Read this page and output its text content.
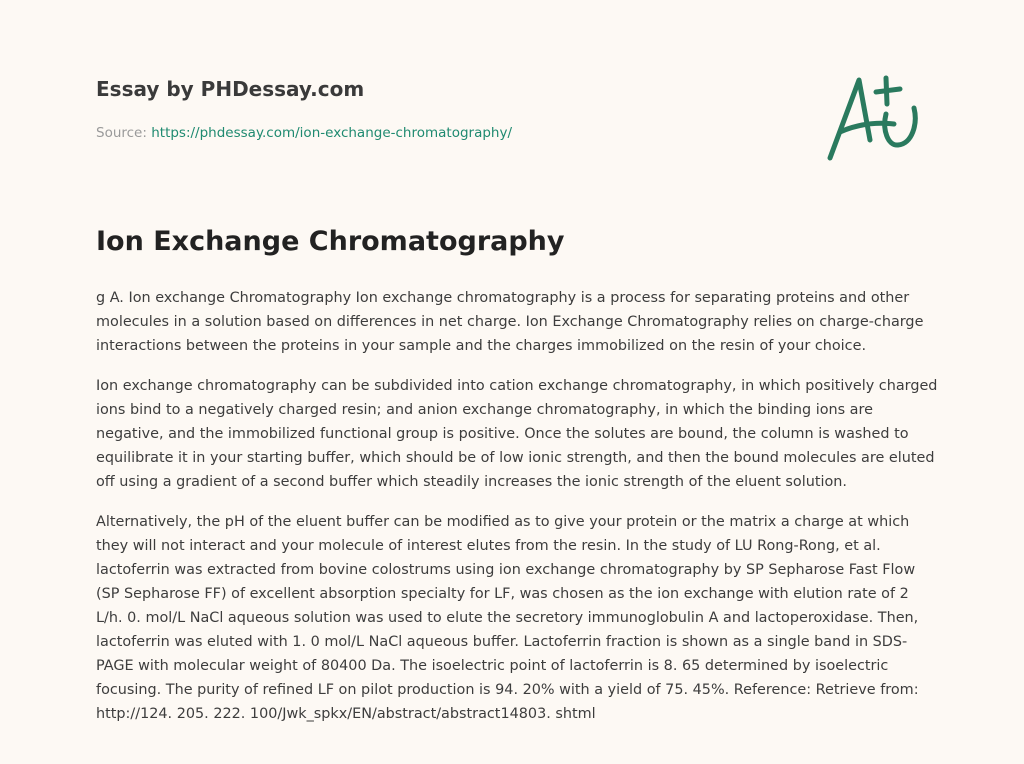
Essay by PHDessay.com
Source: https://phdessay.com/ion-exchange-chromatography/
Ion Exchange Chromatography

g A. Ion exchange Chromatography Ion exchange chromatography is a process for separating proteins and other molecules in a solution based on differences in net charge. Ion Exchange Chromatography relies on charge-charge interactions between the proteins in your sample and the charges immobilized on the resin of your choice.

Ion exchange chromatography can be subdivided into cation exchange chromatography, in which positively charged ions bind to a negatively charged resin; and anion exchange chromatography, in which the binding ions are negative, and the immobilized functional group is positive. Once the solutes are bound, the column is washed to equilibrate it in your starting buffer, which should be of low ionic strength, and then the bound molecules are eluted off using a gradient of a second buffer which steadily increases the ionic strength of the eluent solution.

Alternatively, the pH of the eluent buffer can be modified as to give your protein or the matrix a charge at which they will not interact and your molecule of interest elutes from the resin. In the study of LU Rong-Rong, et al. lactoferrin was extracted from bovine colostrums using ion exchange chromatography by SP Sepharose Fast Flow (SP Sepharose FF) of excellent absorption specialty for LF, was chosen as the ion exchange with elution rate of 2 L/h. 0. mol/L NaCl aqueous solution was used to elute the secretory immunoglobulin A and lactoperoxidase. Then, lactoferrin was eluted with 1. 0 mol/L NaCl aqueous buffer. Lactoferrin fraction is shown as a single band in SDS-PAGE with molecular weight of 80400 Da. The isoelectric point of lactoferrin is 8. 65 determined by isoelectric focusing. The purity of refined LF on pilot production is 94. 20% with a yield of 75. 45%. Reference: Retrieve from: http://124. 205. 222. 100/Jwk_spkx/EN/abstract/abstract14803. shtml
